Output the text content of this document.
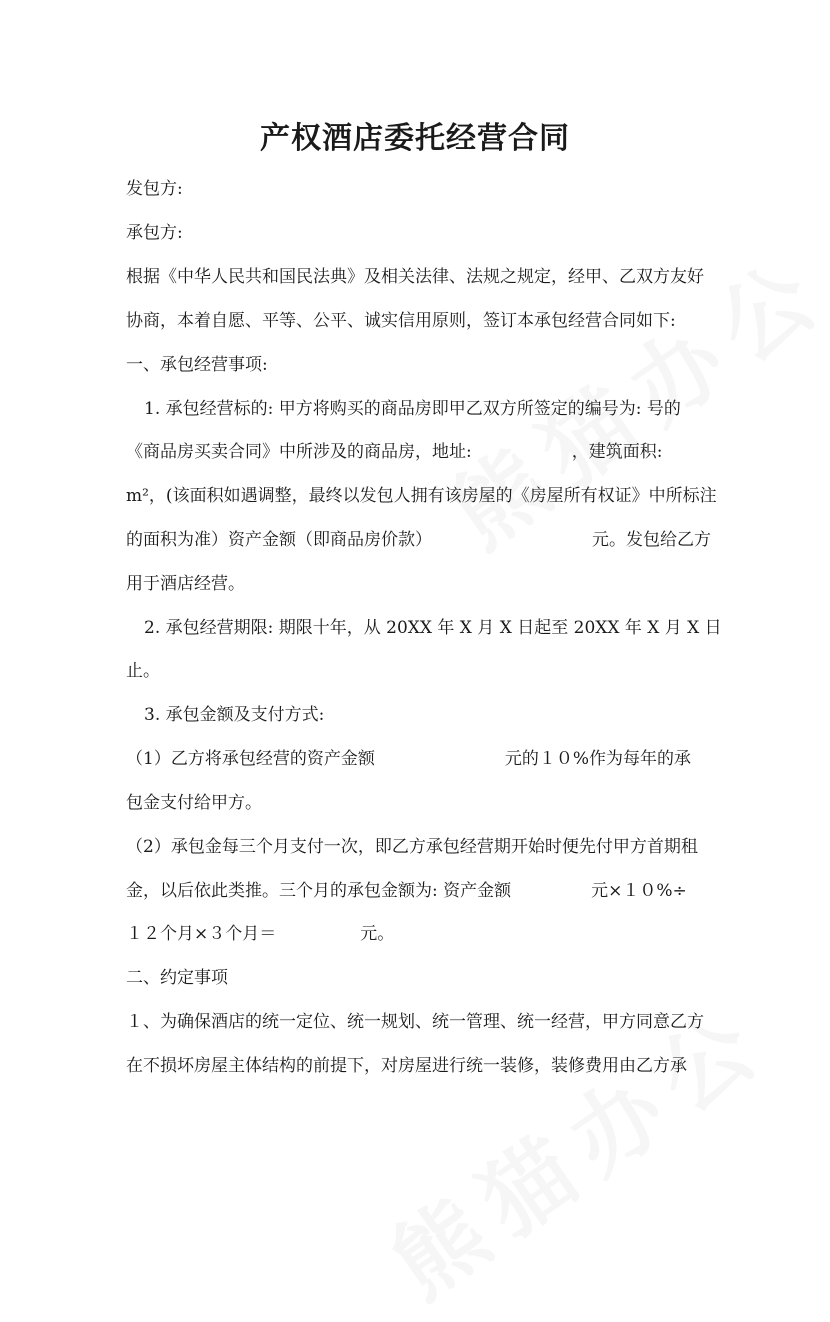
产权酒店委托经营合同
发包方:
承包方:
根据《中华人民共和国民法典》及相关法律、法规之规定，经甲、乙双方友好
协商，本着自愿、平等、公平、诚实信用原则，签订本承包经营合同如下:
一、承包经营事项:
1. 承包经营标的: 甲方将购买的商品房即甲乙双方所签定的编号为: 号的
《商品房买卖合同》中所涉及的商品房，地址:	，建筑面积:
m²，(该面积如遇调整，最终以发包人拥有该房屋的《房屋所有权证》中所标注
的面积为准）资产金额（即商品房价款）	元。发包给乙方
用于酒店经营。
2. 承包经营期限: 期限十年，从 20XX 年 X 月 X 日起至 20XX 年 X 月 X 日
止。
3. 承包金额及支付方式:
（1）乙方将承包经营的资产金额	元的１０%作为每年的承
包金支付给甲方。
（2）承包金每三个月支付一次，即乙方承包经营期开始时便先付甲方首期租
金，以后依此类推。三个月的承包金额为: 资产金额	元×１０%÷
１２个月×３个月＝	元。
二、约定事项
１、为确保酒店的统一定位、统一规划、统一管理、统一经营，甲方同意乙方
在不损坏房屋主体结构的前提下，对房屋进行统一装修，装修费用由乙方承
